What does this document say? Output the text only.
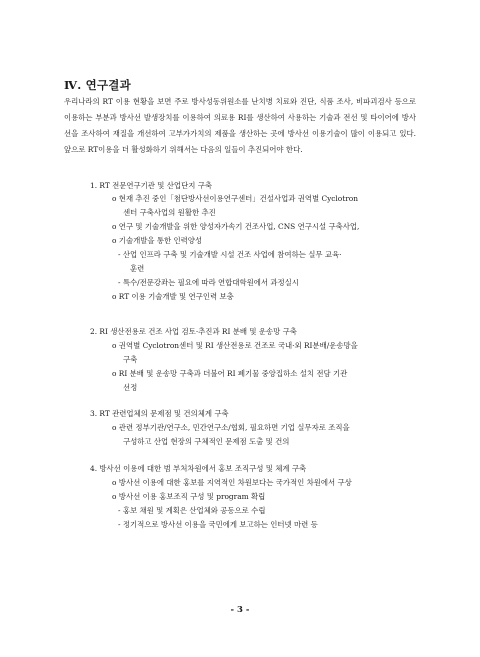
Ⅳ. 연구결과

우리나라의 RT 이용 현황을 보면 주로 방사성동위원소를 난치병 치료와 진단, 식품 조사, 비파괴검사 등으로 이용하는 부분과 방사선 발생장치를 이용하여 의료용 RI를 생산하여 사용하는 기술과 전선 및 타이어에 방사선을 조사하여 재질을 개선하여 고부가가치의 제품을 생산하는 곳에 방사선 이용기술이 많이 이용되고 있다. 앞으로 RT이용을 더 활성화하기 위해서는 다음의 일들이 추진되어야 한다.

1. RT 전문연구기관 및 산업단지 구축
o 현재 추진 중인「첨단방사선이용연구센터」건설사업과 권역별 Cyclotron
센터 구축사업의 원활한 추진
o 연구 및 기술개발을 위한 양성자가속기 건조사업, CNS 연구시설 구축사업,
o 기술개발을 통한 인력양성
- 산업 인프라 구축 및 기술개발 시설 건조 사업에 참여하는 실무 교육·
훈련
- 특수/전문강좌는 필요에 따라 연합대학원에서 과정실시
o RT 이용 기술개발 및 연구인력 보충
2. RI 생산전용로 건조 사업 검토·추진과 RI 분배 및 운송망 구축
o 권역별 Cyclotron센터 및 RI 생산전용로 건조로 국내·외 RI분배/운송망을
구축
o RI 분배 및 운송망 구축과 더불어 RI 폐기물 중앙집하소 설치 전담 기관
선정
3. RT 관련업체의 문제점 및 건의체계 구축
o 관련 정부기관/연구소, 민간연구소/협회, 필요하면 기업 실무자로 조직을
구성하고 산업 현장의 구체적인 문제점 도출 및 건의
4. 방사선 이용에 대한 범 부처차원에서 홍보 조직구성 및 체계 구축
o 방사선 이용에 대한 홍보를 지역적인 차원보다는 국가적인 차원에서 구상
o 방사선 이용 홍보조직 구성 및 program 확립
- 홍보 채원 및 계획은 산업체와 공동으로 수립
- 정기적으로 방사선 이용을 국민에게 보고하는 인터넷 마련 등
- 3 -
